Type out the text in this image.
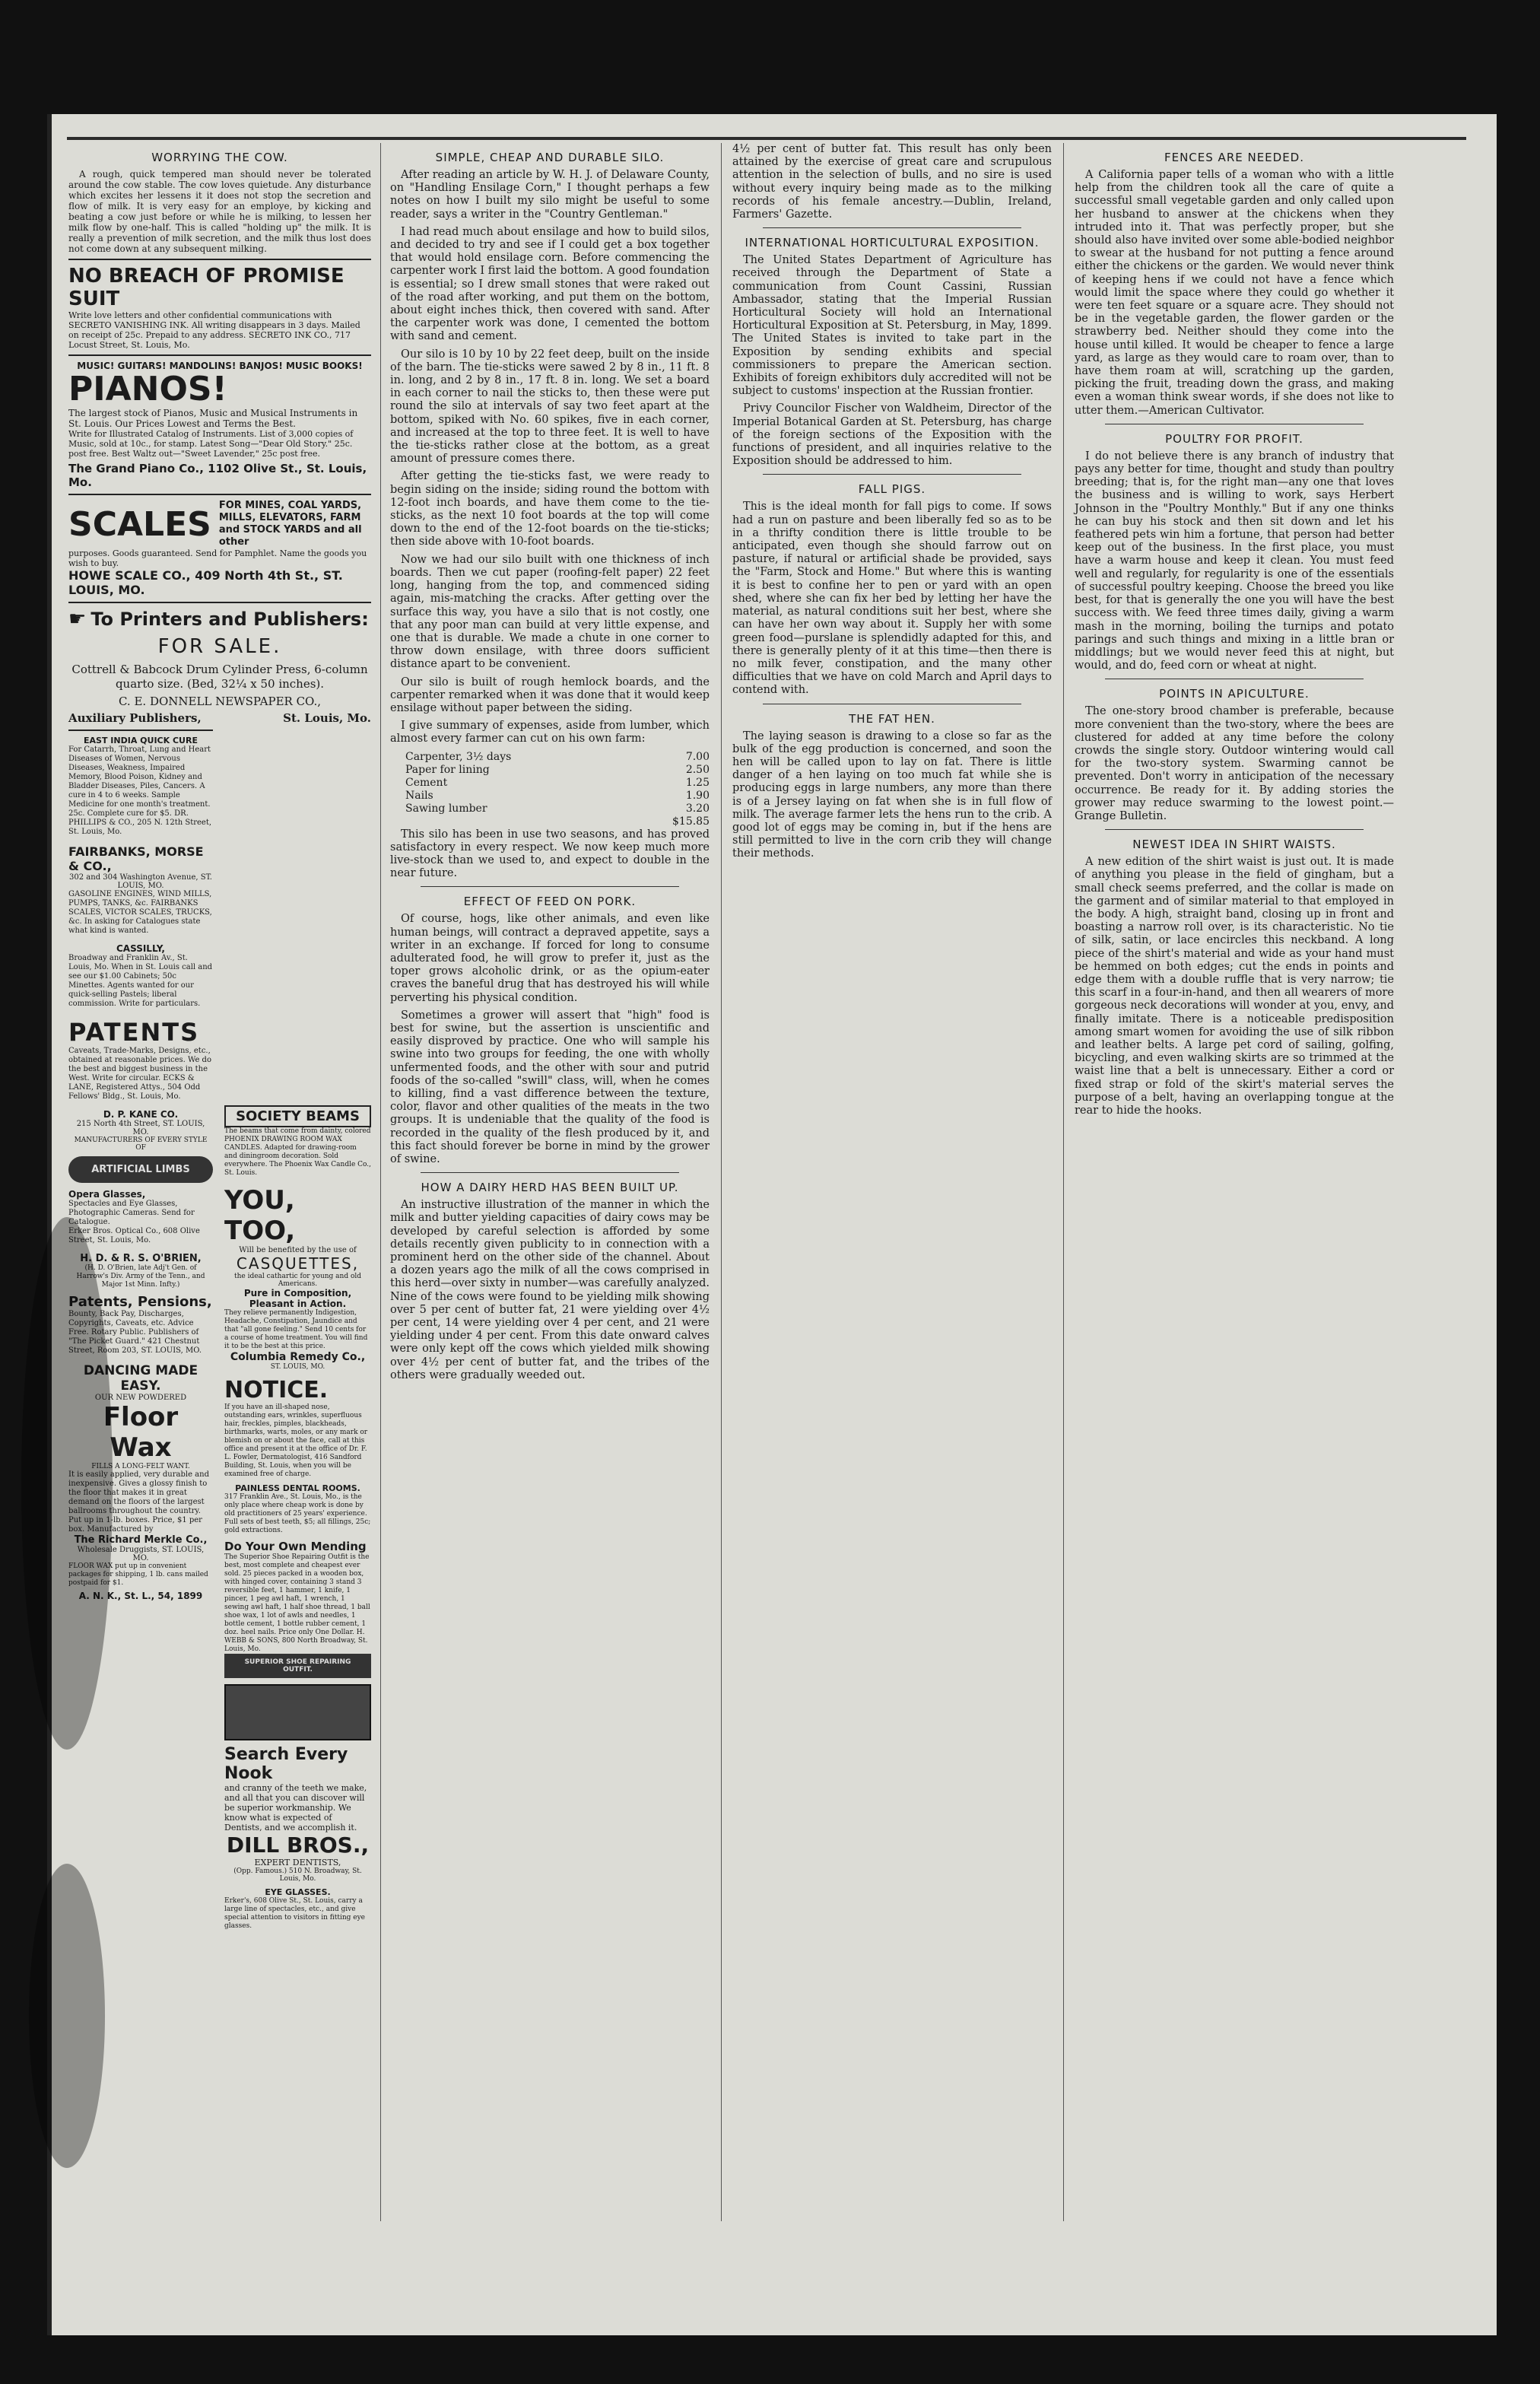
WORRYING THE COW.

A rough, quick tempered man should never be tolerated around the cow stable. The cow loves quietude. Any disturbance which excites her lessens it it does not stop the secretion and flow of milk. It is very easy for an employe, by kicking and beating a cow just before or while he is milking, to lessen her milk flow by one-half. This is called "holding up" the milk. It is really a prevention of milk secretion, and the milk thus lost does not come down at any subsequent milking.

NO BREACH OF PROMISE SUIT
Write love letters and other confidential communications with SECRETO VANISHING INK. All writing disappears in 3 days. Mailed on receipt of 25c. Prepaid to any address. SECRETO INK CO., 717 Locust Street, St. Louis, Mo.
MUSIC! GUITARS! MANDOLINS! BANJOS! MUSIC BOOKS!
PIANOS!
The largest stock of Pianos, Music and Musical Instruments in St. Louis. Our Prices Lowest and Terms the Best.
Write for Illustrated Catalog of Instruments. List of 3,000 copies of Music, sold at 10c., for stamp. Latest Song—"Dear Old Story." 25c. post free. Best Waltz out—"Sweet Lavender," 25c post free.
The Grand Piano Co., 1102 Olive St., St. Louis, Mo.
SCALES FOR MINES, COAL YARDS, MILLS, ELEVATORS, FARM and STOCK YARDS and all other
purposes. Goods guaranteed. Send for Pamphlet. Name the goods you wish to buy.
HOWE SCALE CO., 409 North 4th St., ST. LOUIS, MO.
☛ To Printers and Publishers:
FOR SALE.
Cottrell & Babcock Drum Cylinder Press, 6-column quarto size. (Bed, 32¼ x 50 inches).
C. E. DONNELL NEWSPAPER CO.,
Auxiliary Publishers,	St. Louis, Mo.
EAST INDIA QUICK CURE
For Catarrh, Throat, Lung and Heart Diseases of Women, Nervous Diseases, Weakness, Impaired Memory, Blood Poison, Kidney and Bladder Diseases, Piles, Cancers. A cure in 4 to 6 weeks. Sample Medicine for one month's treatment. 25c. Complete cure for $5. DR. PHILLIPS & CO., 205 N. 12th Street, St. Louis, Mo.
FAIRBANKS, MORSE & CO.,
302 and 304 Washington Avenue, ST. LOUIS, MO.
GASOLINE ENGINES, WIND MILLS, PUMPS, TANKS, &c. FAIRBANKS SCALES, VICTOR SCALES, TRUCKS, &c. In asking for Catalogues state what kind is wanted.
CASSILLY,
Broadway and Franklin Av., St. Louis, Mo. When in St. Louis call and see our $1.00 Cabinets; 50c Minettes. Agents wanted for our quick-selling Pastels; liberal commission. Write for particulars.
PATENTS
Caveats, Trade-Marks, Designs, etc., obtained at reasonable prices. We do the best and biggest business in the West. Write for circular. ECKS & LANE, Registered Attys., 504 Odd Fellows' Bldg., St. Louis, Mo.
D. P. KANE CO.
215 North 4th Street, ST. LOUIS, MO.
MANUFACTURERS OF EVERY STYLE OF
ARTIFICIAL LIMBS
Opera Glasses,
Spectacles and Eye Glasses, Photographic Cameras. Send for Catalogue.
Erker Bros. Optical Co., 608 Olive Street, St. Louis, Mo.
H. D. & R. S. O'BRIEN,
(H. D. O'Brien, late Adj't Gen. of Harrow's Div. Army of the Tenn., and Major 1st Minn. Infty.)
Patents, Pensions,
Bounty, Back Pay, Discharges, Copyrights, Caveats, etc. Advice Free. Rotary Public. Publishers of "The Picket Guard." 421 Chestnut Street, Room 203, ST. LOUIS, MO.
DANCING MADE EASY.
OUR NEW POWDERED
Floor Wax
FILLS A LONG-FELT WANT.
It is easily applied, very durable and inexpensive. Gives a glossy finish to the floor that makes it in great demand on the floors of the largest ballrooms throughout the country. Put up in 1-lb. boxes. Price, $1 per box. Manufactured by
The Richard Merkle Co.,
Wholesale Druggists, ST. LOUIS, MO.
FLOOR WAX put up in convenient packages for shipping, 1 lb. cans mailed postpaid for $1.
A. N. K., St. L., 54, 1899
SOCIETY BEAMS
The beams that come from dainty, colored PHOENIX DRAWING ROOM WAX CANDLES. Adapted for drawing-room and diningroom decoration. Sold everywhere. The Phoenix Wax Candle Co., St. Louis.
YOU, TOO,
Will be benefited by the use of
CASQUETTES,
the ideal cathartic for young and old Americans.
Pure in Composition,
Pleasant in Action.
They relieve permanently Indigestion, Headache, Constipation, Jaundice and that "all gone feeling." Send 10 cents for a course of home treatment. You will find it to be the best at this price.
Columbia Remedy Co.,
ST. LOUIS, MO.
NOTICE.
If you have an ill-shaped nose, outstanding ears, wrinkles, superfluous hair, freckles, pimples, blackheads, birthmarks, warts, moles, or any mark or blemish on or about the face, call at this office and present it at the office of Dr. F. L. Fowler, Dermatologist, 416 Sandford Building, St. Louis, when you will be examined free of charge.
PAINLESS DENTAL ROOMS.
317 Franklin Ave., St. Louis, Mo., is the only place where cheap work is done by old practitioners of 25 years' experience. Full sets of best teeth, $5; all fillings, 25c; gold extractions.
Do Your Own Mending
The Superior Shoe Repairing Outfit is the best, most complete and cheapest ever sold. 25 pieces packed in a wooden box, with hinged cover, containing 3 stand 3 reversible feet, 1 hammer, 1 knife, 1 pincer, 1 peg awl haft, 1 wrench, 1 sewing awl haft, 1 half shoe thread, 1 ball shoe wax, 1 lot of awls and needles, 1 bottle cement, 1 bottle rubber cement, 1 doz. heel nails. Price only One Dollar. H. WEBB & SONS, 800 North Broadway, St. Louis, Mo.
SUPERIOR SHOE REPAIRING OUTFIT.
Search Every Nook
and cranny of the teeth we make, and all that you can discover will be superior workmanship. We know what is expected of Dentists, and we accomplish it.
DILL BROS.,
EXPERT DENTISTS,
(Opp. Famous.) 510 N. Broadway, St. Louis, Mo.
EYE GLASSES.
Erker's, 608 Olive St., St. Louis, carry a large line of spectacles, etc., and give special attention to visitors in fitting eye glasses.
SIMPLE, CHEAP AND DURABLE SILO.

After reading an article by W. H. J. of Delaware County, on "Handling Ensilage Corn," I thought perhaps a few notes on how I built my silo might be useful to some reader, says a writer in the "Country Gentleman."

I had read much about ensilage and how to build silos, and decided to try and see if I could get a box together that would hold ensilage corn. Before commencing the carpenter work I first laid the bottom. A good foundation is essential; so I drew small stones that were raked out of the road after working, and put them on the bottom, about eight inches thick, then covered with sand. After the carpenter work was done, I cemented the bottom with sand and cement.

Our silo is 10 by 10 by 22 feet deep, built on the inside of the barn. The tie-sticks were sawed 2 by 8 in., 11 ft. 8 in. long, and 2 by 8 in., 17 ft. 8 in. long. We set a board in each corner to nail the sticks to, then these were put round the silo at intervals of say two feet apart at the bottom, spiked with No. 60 spikes, five in each corner, and increased at the top to three feet. It is well to have the tie-sticks rather close at the bottom, as a great amount of pressure comes there.

After getting the tie-sticks fast, we were ready to begin siding on the inside; siding round the bottom with 12-foot inch boards, and have them come to the tie-sticks, as the next 10 foot boards at the top will come down to the end of the 12-foot boards on the tie-sticks; then side above with 10-foot boards.

Now we had our silo built with one thickness of inch boards. Then we cut paper (roofing-felt paper) 22 feet long, hanging from the top, and commenced siding again, mis-matching the cracks. After getting over the surface this way, you have a silo that is not costly, one that any poor man can build at very little expense, and one that is durable. We made a chute in one corner to throw down ensilage, with three doors sufficient distance apart to be convenient.

Our silo is built of rough hemlock boards, and the carpenter remarked when it was done that it would keep ensilage without paper between the siding.

I give summary of expenses, aside from lumber, which almost every farmer can cut on his own farm:

Carpenter, 3½ days	7.00
Paper for lining	2.50
Cement	1.25
Nails	1.90
Sawing lumber	3.20
$15.85

This silo has been in use two seasons, and has proved satisfactory in every respect. We now keep much more live-stock than we used to, and expect to double in the near future.

EFFECT OF FEED ON PORK.

Of course, hogs, like other animals, and even like human beings, will contract a depraved appetite, says a writer in an exchange. If forced for long to consume adulterated food, he will grow to prefer it, just as the toper grows alcoholic drink, or as the opium-eater craves the baneful drug that has destroyed his will while perverting his physical condition.

Sometimes a grower will assert that "high" food is best for swine, but the assertion is unscientific and easily disproved by practice. One who will sample his swine into two groups for feeding, the one with wholly unfermented foods, and the other with sour and putrid foods of the so-called "swill" class, will, when he comes to killing, find a vast difference between the texture, color, flavor and other qualities of the meats in the two groups. It is undeniable that the quality of the food is recorded in the quality of the flesh produced by it, and this fact should forever be borne in mind by the grower of swine.

HOW A DAIRY HERD HAS BEEN BUILT UP.

An instructive illustration of the manner in which the milk and butter yielding capacities of dairy cows may be developed by careful selection is afforded by some details recently given publicity to in connection with a prominent herd on the other side of the channel. About a dozen years ago the milk of all the cows comprised in this herd—over sixty in number—was carefully analyzed. Nine of the cows were found to be yielding milk showing over 5 per cent of butter fat, 21 were yielding over 4½ per cent, 14 were yielding over 4 per cent, and 21 were yielding under 4 per cent. From this date onward calves were only kept off the cows which yielded milk showing over 4½ per cent of butter fat, and the tribes of the others were gradually weeded out.

4½ per cent of butter fat. This result has only been attained by the exercise of great care and scrupulous attention in the selection of bulls, and no sire is used without every inquiry being made as to the milking records of his female ancestry.—Dublin, Ireland, Farmers' Gazette.

INTERNATIONAL HORTICULTURAL EXPOSITION.

The United States Department of Agriculture has received through the Department of State a communication from Count Cassini, Russian Ambassador, stating that the Imperial Russian Horticultural Society will hold an International Horticultural Exposition at St. Petersburg, in May, 1899. The United States is invited to take part in the Exposition by sending exhibits and special commissioners to prepare the American section. Exhibits of foreign exhibitors duly accredited will not be subject to customs' inspection at the Russian frontier.

Privy Councilor Fischer von Waldheim, Director of the Imperial Botanical Garden at St. Petersburg, has charge of the foreign sections of the Exposition with the functions of president, and all inquiries relative to the Exposition should be addressed to him.

FALL PIGS.

This is the ideal month for fall pigs to come. If sows had a run on pasture and been liberally fed so as to be in a thrifty condition there is little trouble to be anticipated, even though she should farrow out on pasture, if natural or artificial shade be provided, says the "Farm, Stock and Home." But where this is wanting it is best to confine her to pen or yard with an open shed, where she can fix her bed by letting her have the material, as natural conditions suit her best, where she can have her own way about it. Supply her with some green food—purslane is splendidly adapted for this, and there is generally plenty of it at this time—then there is no milk fever, constipation, and the many other difficulties that we have on cold March and April days to contend with.

THE FAT HEN.

The laying season is drawing to a close so far as the bulk of the egg production is concerned, and soon the hen will be called upon to lay on fat. There is little danger of a hen laying on too much fat while she is producing eggs in large numbers, any more than there is of a Jersey laying on fat when she is in full flow of milk. The average farmer lets the hens run to the crib. A good lot of eggs may be coming in, but if the hens are still permitted to live in the corn crib they will change their methods.

FENCES ARE NEEDED.

A California paper tells of a woman who with a little help from the children took all the care of quite a successful small vegetable garden and only called upon her husband to answer at the chickens when they intruded into it. That was perfectly proper, but she should also have invited over some able-bodied neighbor to swear at the husband for not putting a fence around either the chickens or the garden. We would never think of keeping hens if we could not have a fence which would limit the space where they could go whether it were ten feet square or a square acre. They should not be in the vegetable garden, the flower garden or the strawberry bed. Neither should they come into the house until killed. It would be cheaper to fence a large yard, as large as they would care to roam over, than to have them roam at will, scratching up the garden, picking the fruit, treading down the grass, and making even a woman think swear words, if she does not like to utter them.—American Cultivator.

POULTRY FOR PROFIT.

I do not believe there is any branch of industry that pays any better for time, thought and study than poultry breeding; that is, for the right man—any one that loves the business and is willing to work, says Herbert Johnson in the "Poultry Monthly." But if any one thinks he can buy his stock and then sit down and let his feathered pets win him a fortune, that person had better keep out of the business. In the first place, you must have a warm house and keep it clean. You must feed well and regularly, for regularity is one of the essentials of successful poultry keeping. Choose the breed you like best, for that is generally the one you will have the best success with. We feed three times daily, giving a warm mash in the morning, boiling the turnips and potato parings and such things and mixing in a little bran or middlings; but we would never feed this at night, but would, and do, feed corn or wheat at night.

POINTS IN APICULTURE.

The one-story brood chamber is preferable, because more convenient than the two-story, where the bees are clustered for added at any time before the colony crowds the single story. Outdoor wintering would call for the two-story system. Swarming cannot be prevented. Don't worry in anticipation of the necessary occurrence. Be ready for it. By adding stories the grower may reduce swarming to the lowest point.—Grange Bulletin.

NEWEST IDEA IN SHIRT WAISTS.

A new edition of the shirt waist is just out. It is made of anything you please in the field of gingham, but a small check seems preferred, and the collar is made on the garment and of similar material to that employed in the body. A high, straight band, closing up in front and boasting a narrow roll over, is its characteristic. No tie of silk, satin, or lace encircles this neckband. A long piece of the shirt's material and wide as your hand must be hemmed on both edges; cut the ends in points and edge them with a double ruffle that is very narrow; tie this scarf in a four-in-hand, and then all wearers of more gorgeous neck decorations will wonder at you, envy, and finally imitate. There is a noticeable predisposition among smart women for avoiding the use of silk ribbon and leather belts. A large pet cord of sailing, golfing, bicycling, and even walking skirts are so trimmed at the waist line that a belt is unnecessary. Either a cord or fixed strap or fold of the skirt's material serves the purpose of a belt, having an overlapping tongue at the rear to hide the hooks.
